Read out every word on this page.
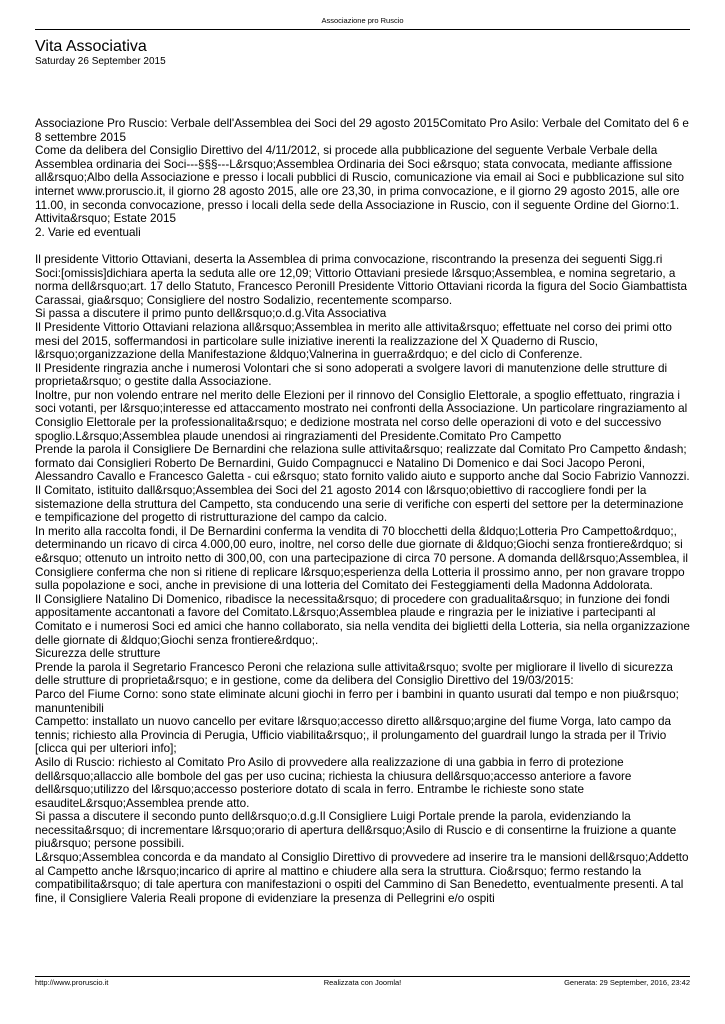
Associazione pro Ruscio
Vita Associativa
Saturday 26 September 2015

Associazione Pro Ruscio: Verbale dell'Assemblea dei Soci del 29 agosto 2015Comitato Pro Asilo: Verbale del Comitato del 6 e 8 settembre 2015

Come da delibera del Consiglio Direttivo del 4/11/2012, si procede alla pubblicazione del seguente Verbale Verbale della Assemblea ordinaria dei Soci---§§§---L&rsquo;Assemblea Ordinaria dei Soci e&rsquo; stata convocata, mediante affissione all&rsquo;Albo della Associazione e presso i locali pubblici di Ruscio, comunicazione via email ai Soci e pubblicazione sul sito internet www.proruscio.it, il giorno 28 agosto 2015, alle ore 23,30, in prima convocazione, e il giorno 29 agosto 2015, alle ore 11.00, in seconda convocazione, presso i locali della sede della Associazione in Ruscio, con il seguente Ordine del Giorno:1. Attivita&rsquo; Estate 2015

2. Varie ed eventuali

Il presidente Vittorio Ottaviani, deserta la Assemblea di prima convocazione, riscontrando la presenza dei seguenti Sigg.ri Soci:[omissis]dichiara aperta la seduta alle ore 12,09; Vittorio Ottaviani presiede l&rsquo;Assemblea, e nomina segretario, a norma dell&rsquo;art. 17 dello Statuto, Francesco PeroniIl Presidente Vittorio Ottaviani ricorda la figura del Socio Giambattista Carassai, gia&rsquo; Consigliere del nostro Sodalizio, recentemente scomparso.

Si passa a discutere il primo punto dell&rsquo;o.d.g.Vita Associativa

Il Presidente Vittorio Ottaviani relaziona all&rsquo;Assemblea in merito alle attivita&rsquo; effettuate nel corso dei primi otto mesi del 2015, soffermandosi in particolare sulle iniziative inerenti la realizzazione del X Quaderno di Ruscio, l&rsquo;organizzazione della Manifestazione &ldquo;Valnerina in guerra&rdquo; e del ciclo di Conferenze.

Il Presidente ringrazia anche i numerosi Volontari che si sono adoperati a svolgere lavori di manutenzione delle strutture di proprieta&rsquo; o gestite dalla Associazione.

Inoltre, pur non volendo entrare nel merito delle Elezioni per il rinnovo del Consiglio Elettorale, a spoglio effettuato, ringrazia i soci votanti, per l&rsquo;interesse ed attaccamento mostrato nei confronti della Associazione. Un particolare ringraziamento al Consiglio Elettorale per la professionalita&rsquo; e dedizione mostrata nel corso delle operazioni di voto e del successivo spoglio.L&rsquo;Assemblea plaude unendosi ai ringraziamenti del Presidente.Comitato Pro Campetto

Prende la parola il Consigliere De Bernardini che relaziona sulle attivita&rsquo; realizzate dal Comitato Pro Campetto &ndash; formato dai Consiglieri Roberto De Bernardini, Guido Compagnucci e Natalino Di Domenico e dai Soci Jacopo Peroni, Alessandro Cavallo e Francesco Galetta - cui e&rsquo; stato fornito valido aiuto e supporto anche dal Socio Fabrizio Vannozzi.

Il Comitato, istituito dall&rsquo;Assemblea dei Soci del 21 agosto 2014 con l&rsquo;obiettivo di raccogliere fondi per la sistemazione della struttura del Campetto, sta conducendo una serie di verifiche con esperti del settore per la determinazione e tempificazione del progetto di ristrutturazione del campo da calcio.

In merito alla raccolta fondi, il De Bernardini conferma la vendita di 70 blocchetti della &ldquo;Lotteria Pro Campetto&rdquo;, determinando un ricavo di circa 4.000,00 euro, inoltre, nel corso delle due giornate di &ldquo;Giochi senza frontiere&rdquo; si e&rsquo; ottenuto un introito netto di 300,00, con una partecipazione di circa 70 persone. A domanda dell&rsquo;Assemblea, il Consigliere conferma che non si ritiene di replicare l&rsquo;esperienza della Lotteria il prossimo anno, per non gravare troppo sulla popolazione e soci, anche in previsione di una lotteria del Comitato dei Festeggiamenti della Madonna Addolorata.

Il Consigliere Natalino Di Domenico, ribadisce la necessita&rsquo; di procedere con gradualita&rsquo; in funzione dei fondi appositamente accantonati a favore del Comitato.L&rsquo;Assemblea plaude e ringrazia per le iniziative i partecipanti al Comitato e i numerosi Soci ed amici che hanno collaborato, sia nella vendita dei biglietti della Lotteria, sia nella organizzazione delle giornate di &ldquo;Giochi senza frontiere&rdquo;.

Sicurezza delle strutture

Prende la parola il Segretario Francesco Peroni che relaziona sulle attivita&rsquo; svolte per migliorare il livello di sicurezza delle strutture di proprieta&rsquo; e in gestione, come da delibera del Consiglio Direttivo del 19/03/2015:

Parco del Fiume Corno: sono state eliminate alcuni giochi in ferro per i bambini in quanto usurati dal tempo e non piu&rsquo; manuntenibili

Campetto: installato un nuovo cancello per evitare l&rsquo;accesso diretto all&rsquo;argine del fiume Vorga, lato campo da tennis; richiesto alla Provincia di Perugia, Ufficio viabilita&rsquo;, il prolungamento del guardrail lungo la strada per il Trivio [clicca qui per ulteriori info];

Asilo di Ruscio: richiesto al Comitato Pro Asilo di provvedere alla realizzazione di una gabbia in ferro di protezione dell&rsquo;allaccio alle bombole del gas per uso cucina; richiesta la chiusura dell&rsquo;accesso anteriore a favore dell&rsquo;utilizzo del l&rsquo;accesso posteriore dotato di scala in ferro. Entrambe le richieste sono state esauditeL&rsquo;Assemblea prende atto.

Si passa a discutere il secondo punto dell&rsquo;o.d.g.Il Consigliere Luigi Portale prende la parola, evidenziando la necessita&rsquo; di incrementare l&rsquo;orario di apertura dell&rsquo;Asilo di Ruscio e di consentirne la fruizione a quante piu&rsquo; persone possibili.

L&rsquo;Assemblea concorda e da mandato al Consiglio Direttivo di provvedere ad inserire tra le mansioni dell&rsquo;Addetto al Campetto anche l&rsquo;incarico di aprire al mattino e chiudere alla sera la struttura. Cio&rsquo; fermo restando la compatibilita&rsquo; di tale apertura con manifestazioni o ospiti del Cammino di San Benedetto, eventualmente presenti. A tal fine, il Consigliere Valeria Reali propone di evidenziare la presenza di Pellegrini e/o ospiti

http://www.proruscio.it	Realizzata con Joomla!	Generata: 29 September, 2016, 23:42
